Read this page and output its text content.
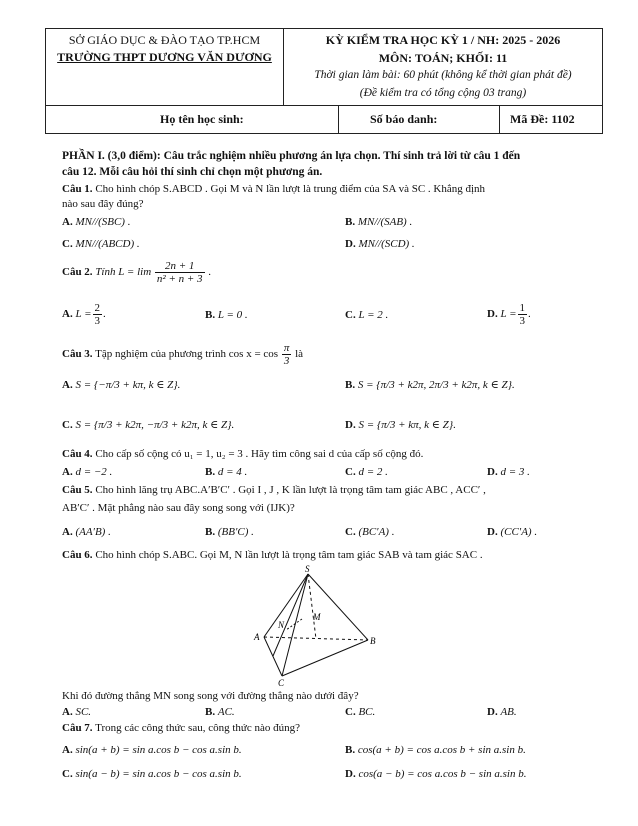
SỞ GIÁO DỤC & ĐÀO TẠO TP.HCM
TRƯỜNG THPT DƯƠNG VĂN DƯƠNG
KỲ KIỂM TRA HỌC KỲ 1 / NH: 2025 - 2026
MÔN: TOÁN; KHỐI: 11
Thời gian làm bài: 60 phút (không kể thời gian phát đề)
(Đề kiểm tra có tổng cộng 03 trang)
Họ tên học sinh:	Số báo danh:	Mã Đề: 1102
PHẦN I. (3,0 điểm): Câu trắc nghiệm nhiều phương án lựa chọn. Thí sinh trả lời từ câu 1 đến
câu 12. Mỗi câu hỏi thí sinh chỉ chọn một phương án.
Câu 1. Cho hình chóp S.ABCD . Gọi M và N lần lượt là trung điểm của SA và SC . Khẳng định
nào sau đây đúng?
A. MN//(SBC) .	B. MN//(SAB) .
C. MN//(ABCD) .	D. MN//(SCD) .
Câu 2. Tính $L = \lim \frac{2n + 1}{\text{n² + n + 3}}$ .
A. $L = \frac{2}{3}$ .	B. L = 0 .	C. L = 2 .	D. $L = \frac{1}{3}$ .
Câu 3. Tập nghiệm của phương trình $\cos x = \cos \frac{\pi}{3}$ là
A. S = {−π/3 + kπ, k ∈ Z}.	B. S = {π/3 + k2π, 2π/3 + k2π, k ∈ Z}.
C. S = {π/3 + k2π, −π/3 + k2π, k ∈ Z}.	D. S = {π/3 + kπ, k ∈ Z}.
Câu 4. Cho cấp số cộng có u₁ = 1, u₂ = 3 . Hãy tìm công sai d của cấp số cộng đó.
A. d = −2 .	B. d = 4 .	C. d = 2 .	D. d = 3 .
Câu 5. Cho hình lăng trụ ABC.A′B′C′ . Gọi I , J , K lần lượt là trọng tâm tam giác ABC , ACC′ ,
AB′C′ . Mặt phẳng nào sau đây song song với (IJK)?
A. (AA′B) .	B. (BB′C) .	C. (BC′A) .	D. (CC′A) .
Câu 6. Cho hình chóp S.ABC. Gọi M, N lần lượt là trọng tâm tam giác SAB và tam giác SAC .
S
A	B
C
M
N
Khi đó đường thẳng MN song song với đường thẳng nào dưới đây?
A. SC.	B. AC.	C. BC.	D. AB.
Câu 7. Trong các công thức sau, công thức nào đúng?
A. sin(a + b) = sin a.cos b − cos a.sin b.	B. cos(a + b) = cos a.cos b + sin a.sin b.
C. sin(a − b) = sin a.cos b − cos a.sin b.	D. cos(a − b) = cos a.cos b − sin a.sin b.
